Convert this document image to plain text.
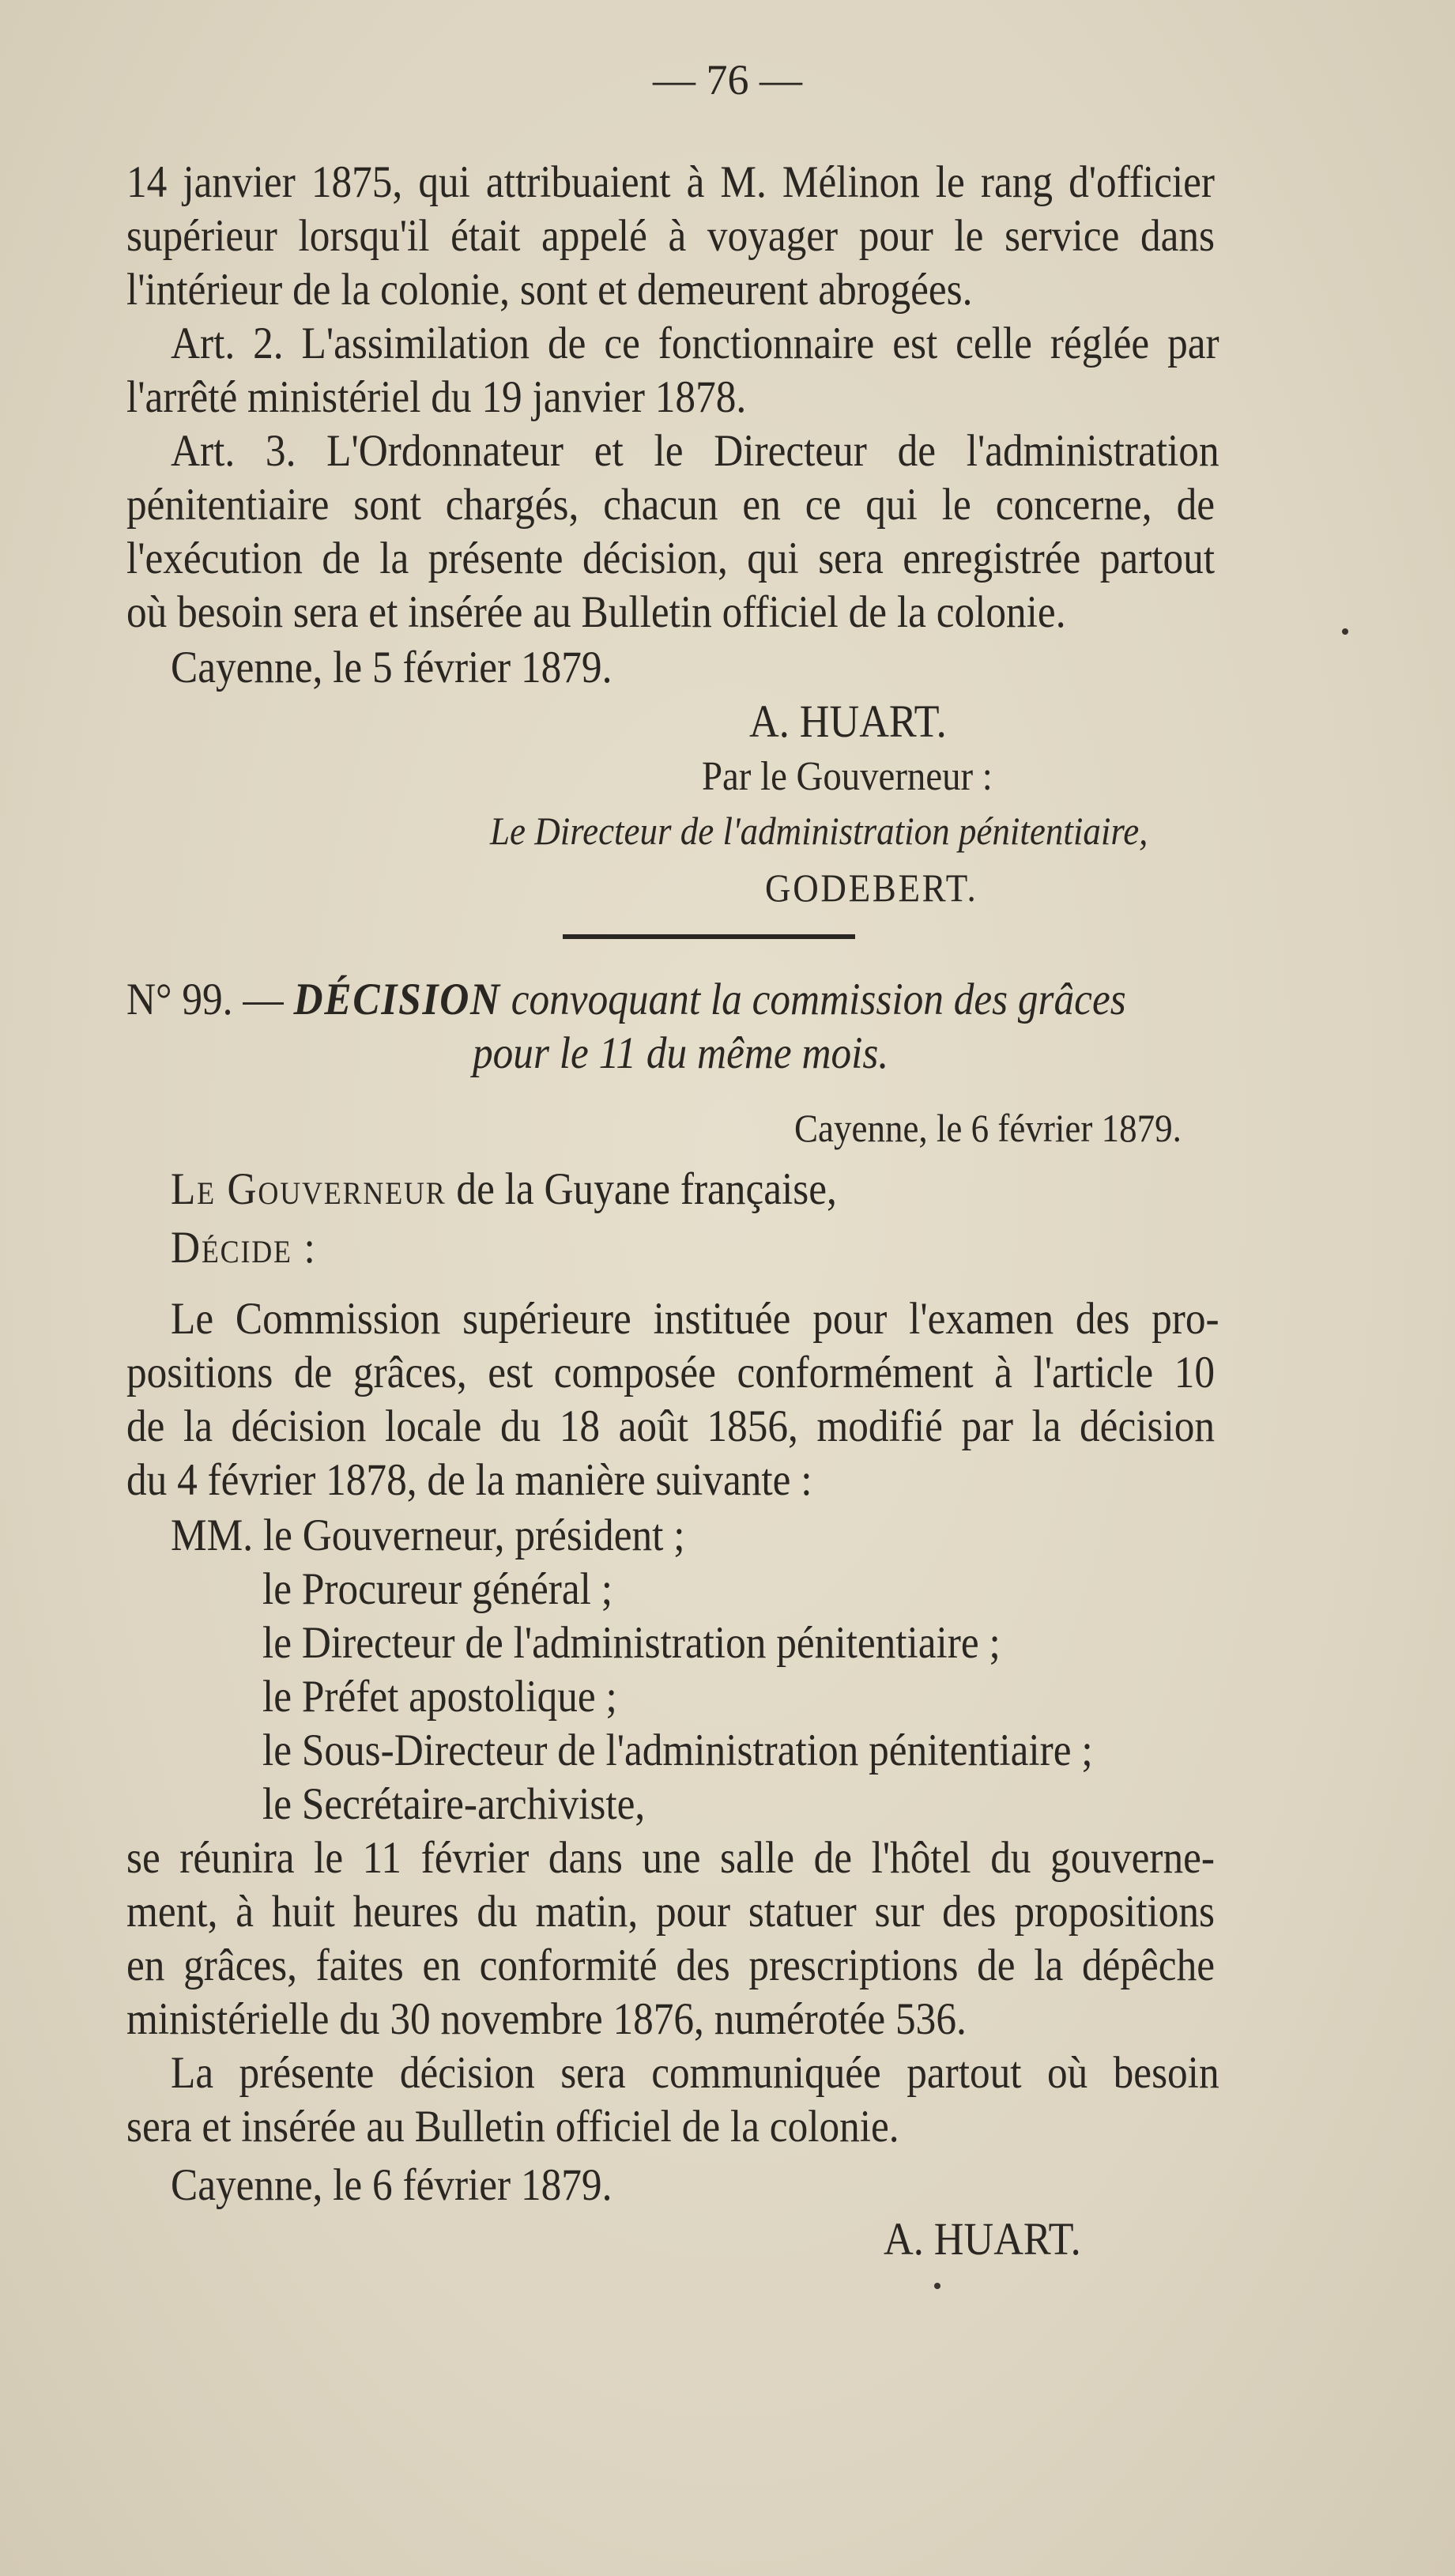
— 76 —
14 janvier 1875, qui attribuaient à M. Mélinon le rang d'officier
supérieur lorsqu'il était appelé à voyager pour le service dans
l'intérieur de la colonie, sont et demeurent abrogées.
Art. 2. L'assimilation de ce fonctionnaire est celle réglée par
l'arrêté ministériel du 19 janvier 1878.
Art. 3. L'Ordonnateur et le Directeur de l'administration
pénitentiaire sont chargés, chacun en ce qui le concerne, de
l'exécution de la présente décision, qui sera enregistrée partout
où besoin sera et insérée au Bulletin officiel de la colonie.
Cayenne, le 5 février 1879.
A. HUART.
Par le Gouverneur :
Le Directeur de l'administration pénitentiaire,
GODEBERT.
N° 99. — DÉCISION convoquant la commission des grâces
pour le 11 du même mois.
Cayenne, le 6 février 1879.
Le Gouverneur de la Guyane française,
Décide :
Le Commission supérieure instituée pour l'examen des pro-
positions de grâces, est composée conformément à l'article 10
de la décision locale du 18 août 1856, modifié par la décision
du 4 février 1878, de la manière suivante :
MM. le Gouverneur, président ;
le Procureur général ;
le Directeur de l'administration pénitentiaire ;
le Préfet apostolique ;
le Sous-Directeur de l'administration pénitentiaire ;
le Secrétaire-archiviste,
se réunira le 11 février dans une salle de l'hôtel du gouverne-
ment, à huit heures du matin, pour statuer sur des propositions
en grâces, faites en conformité des prescriptions de la dépêche
ministérielle du 30 novembre 1876, numérotée 536.
La présente décision sera communiquée partout où besoin
sera et insérée au Bulletin officiel de la colonie.
Cayenne, le 6 février 1879.
A. HUART.
